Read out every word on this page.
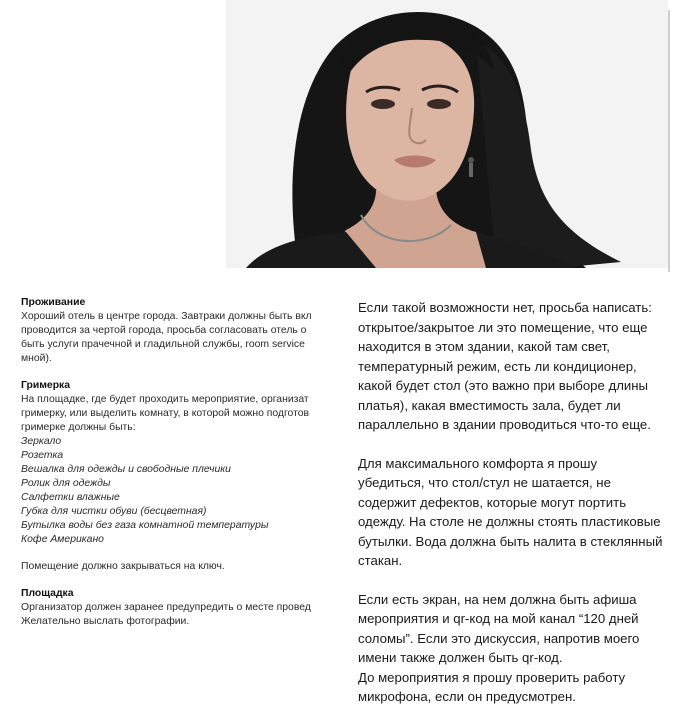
Проживание
Хороший отель в центре города. Завтраки должны быть вкл
проводится за чертой города, просьба согласовать отель о
быть услуги прачечной и гладильной службы, room service
мной).
Гримерка
На площадке, где будет проходить мероприятие, организат
гримерку, или выделить комнату, в которой можно подготов
гримерке должны быть:
Зеркало
Розетка
Вешалка для одежды и свободные плечики
Ролик для одежды
Салфетки влажные
Губка для чистки обуви (бесцветная)
Бутылка воды без газа комнатной температуры
Кофе Американо
Помещение должно закрываться на ключ.
Площадка
Организатор должен заранее предупредить о месте провед
Желательно выслать фотографии.
Если такой возможности нет, просьба написать:
открытое/закрытое ли это помещение, что еще
находится в этом здании, какой там свет,
температурный режим, есть ли кондиционер,
какой будет стол (это важно при выборе длины
платья), какая вместимость зала, будет ли
параллельно в здании проводиться что-то еще.
Для максимального комфорта я прошу
убедиться, что стол/стул не шатается, не
содержит дефектов, которые могут портить
одежду. На столе не должны стоять пластиковые
бутылки. Вода должна быть налита в стеклянный
стакан.
Если есть экран, на нем должна быть афиша
мероприятия и qr-код на мой канал “120 дней
соломы”. Если это дискуссия, напротив моего
имени также должен быть qr-код.
До мероприятия я прошу проверить работу
микрофона, если он предусмотрен.
